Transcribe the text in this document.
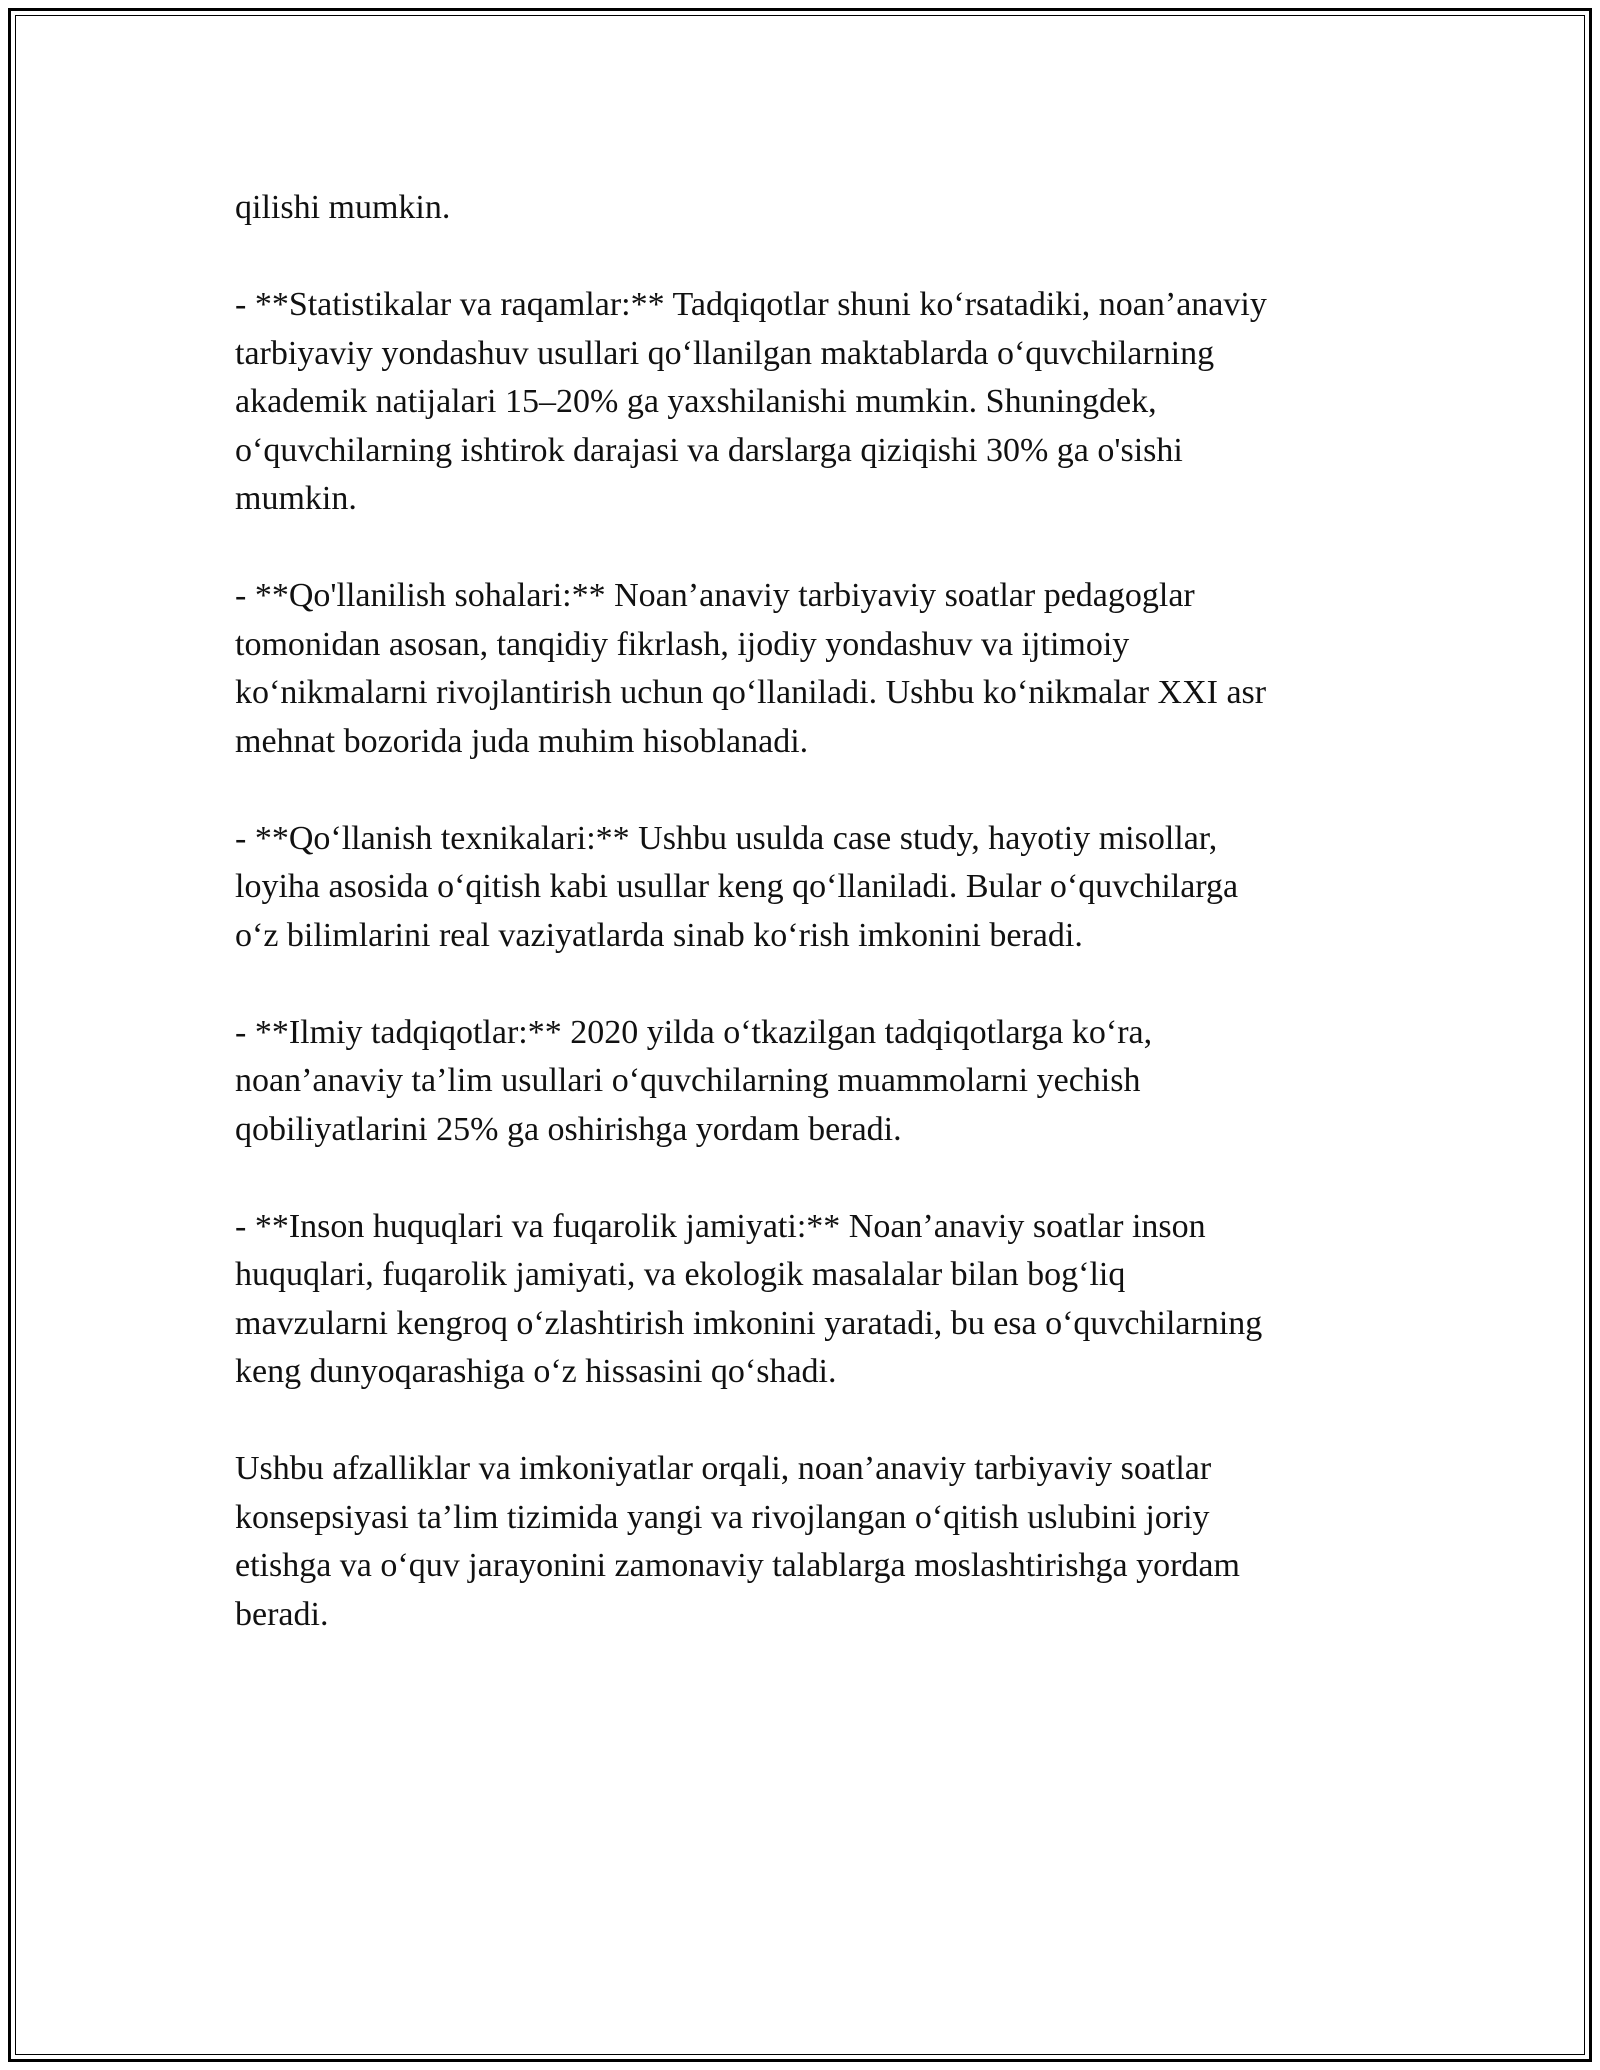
qilishi mumkin.

- **Statistikalar va raqamlar:** Tadqiqotlar shuni ko‘rsatadiki, noan’anaviy
tarbiyaviy yondashuv usullari qo‘llanilgan maktablarda o‘quvchilarning
akademik natijalari 15–20% ga yaxshilanishi mumkin. Shuningdek,
o‘quvchilarning ishtirok darajasi va darslarga qiziqishi 30% ga o'sishi
mumkin.

- **Qo'llanilish sohalari:** Noan’anaviy tarbiyaviy soatlar pedagoglar
tomonidan asosan, tanqidiy fikrlash, ijodiy yondashuv va ijtimoiy
ko‘nikmalarni rivojlantirish uchun qo‘llaniladi. Ushbu ko‘nikmalar XXI asr
mehnat bozorida juda muhim hisoblanadi.

- **Qo‘llanish texnikalari:** Ushbu usulda case study, hayotiy misollar,
loyiha asosida o‘qitish kabi usullar keng qo‘llaniladi. Bular o‘quvchilarga
o‘z bilimlarini real vaziyatlarda sinab ko‘rish imkonini beradi.

- **Ilmiy tadqiqotlar:** 2020 yilda o‘tkazilgan tadqiqotlarga ko‘ra,
noan’anaviy ta’lim usullari o‘quvchilarning muammolarni yechish
qobiliyatlarini 25% ga oshirishga yordam beradi.

- **Inson huquqlari va fuqarolik jamiyati:** Noan’anaviy soatlar inson
huquqlari, fuqarolik jamiyati, va ekologik masalalar bilan bog‘liq
mavzularni kengroq o‘zlashtirish imkonini yaratadi, bu esa o‘quvchilarning
keng dunyoqarashiga o‘z hissasini qo‘shadi.

Ushbu afzalliklar va imkoniyatlar orqali, noan’anaviy tarbiyaviy soatlar
konsepsiyasi ta’lim tizimida yangi va rivojlangan o‘qitish uslubini joriy
etishga va o‘quv jarayonini zamonaviy talablarga moslashtirishga yordam
beradi.
